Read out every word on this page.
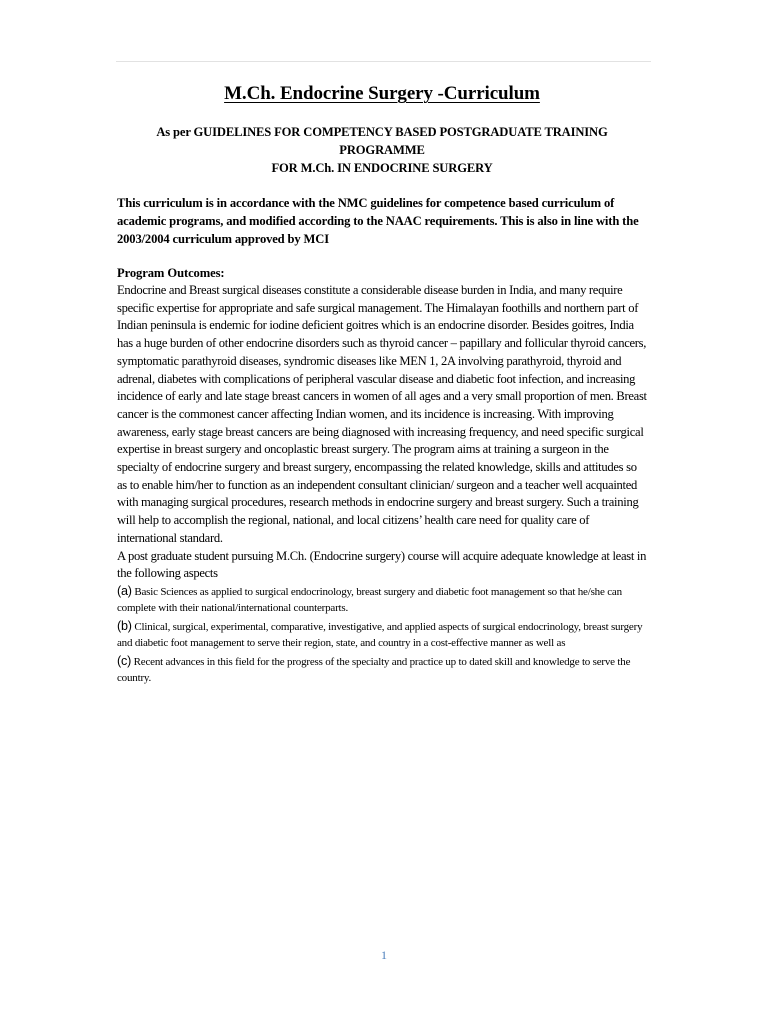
M.Ch. Endocrine Surgery -Curriculum

As per GUIDELINES FOR COMPETENCY BASED POSTGRADUATE TRAINING PROGRAMME
FOR M.Ch. IN ENDOCRINE SURGERY

This curriculum is in accordance with the NMC guidelines for competence based curriculum of academic programs, and modified according to the NAAC requirements. This is also in line with the 2003/2004 curriculum approved by MCI

Program Outcomes:

Endocrine and Breast surgical diseases constitute a considerable disease burden in India, and many require specific expertise for appropriate and safe surgical management. The Himalayan foothills and northern part of Indian peninsula is endemic for iodine deficient goitres which is an endocrine disorder. Besides goitres, India has a huge burden of other endocrine disorders such as thyroid cancer – papillary and follicular thyroid cancers, symptomatic parathyroid diseases, syndromic diseases like MEN 1, 2A involving parathyroid, thyroid and adrenal, diabetes with complications of peripheral vascular disease and diabetic foot infection, and increasing incidence of early and late stage breast cancers in women of all ages and a very small proportion of men. Breast cancer is the commonest cancer affecting Indian women, and its incidence is increasing. With improving awareness, early stage breast cancers are being diagnosed with increasing frequency, and need specific surgical expertise in breast surgery and oncoplastic breast surgery. The program aims at training a surgeon in the specialty of endocrine surgery and breast surgery, encompassing the related knowledge, skills and attitudes so as to enable him/her to function as an independent consultant clinician/ surgeon and a teacher well acquainted with managing surgical procedures, research methods in endocrine surgery and breast surgery. Such a training will help to accomplish the regional, national, and local citizens’ health care need for quality care of international standard.

A post graduate student pursuing M.Ch. (Endocrine surgery) course will acquire adequate knowledge at least in the following aspects

(a) Basic Sciences as applied to surgical endocrinology, breast surgery and diabetic foot management so that he/she can complete with their national/international counterparts.

(b) Clinical, surgical, experimental, comparative, investigative, and applied aspects of surgical endocrinology, breast surgery and diabetic foot management to serve their region, state, and country in a cost-effective manner as well as

(c) Recent advances in this field for the progress of the specialty and practice up to dated skill and knowledge to serve the country.

1
